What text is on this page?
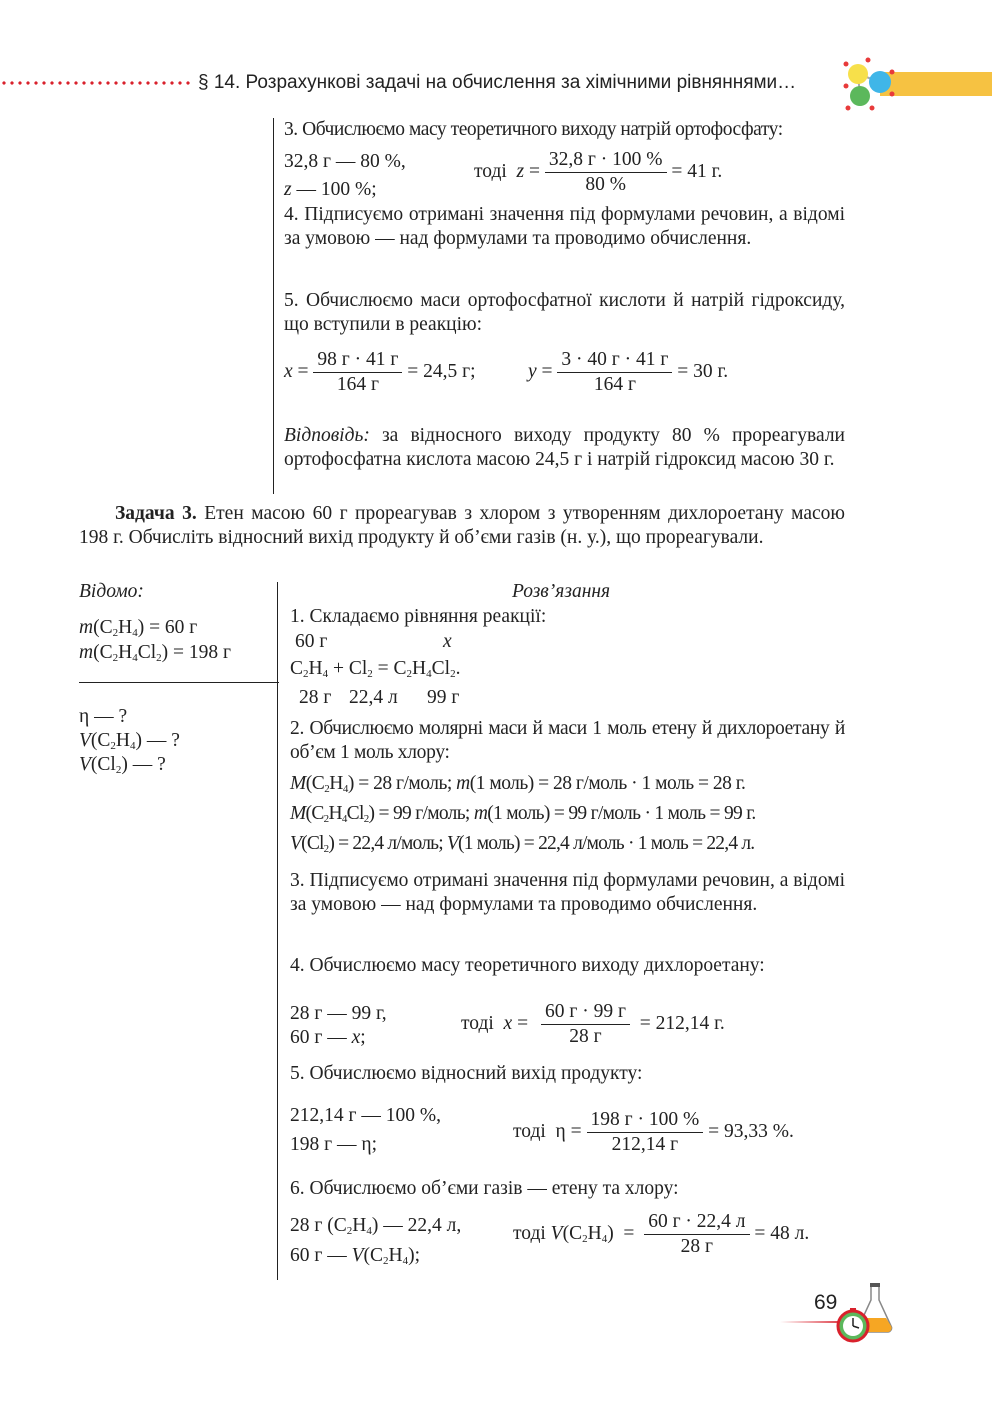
§ 14. Розрахункові задачі на обчислення за хімічними рівняннями…
3. Обчислюємо масу теоретичного виходу натрій ортофосфату:
32,8 г — 80 %,
z — 100 %;
тоді $z = \frac{32,8 г \cdot 100 \%}{80 \%} = 41$ г.
4. Підписуємо отримані значення під формулами речовин, а відомі за умовою — над формулами та проводимо обчислення.
5. Обчислюємо маси ортофосфатної кислоти й натрій гідроксиду, що вступили в реакцію:
$x = \frac{98 г \cdot 41 г}{164 г} = 24,5$ г;	$y = \frac{3 \cdot 40 г \cdot 41 г}{164 г} = 30$ г.
Відповідь: за відносного виходу продукту 80 % прореагували ортофосфатна кислота масою 24,5 г і натрій гідроксид масою 30 г.
Задача 3. Етен масою 60 г прореагував з хлором з утворенням дихлороетану масою 198 г. Обчисліть відносний вихід продукту й об’єми газів (н. у.), що прореагували.
Відомо:
$m(C_2H_4) = 60$ г
$m(C_2H_4Cl_2) = 198$ г
η — ?
$V(C_2H_4)$ — ?
$V(Cl_2)$ — ?
Розв’язання
1. Складаємо рівняння реакції:
60 г	x
$C_2H_4 + Cl_2 = C_2H_4Cl_2$.
28 г 22,4 л 99 г
2. Обчислюємо молярні маси й маси 1 моль етену й дихлороетану й об’єм 1 моль хлору:
$M(C_2H_4) = 28$ г/моль; m(1 моль) = 28 г/моль · 1 моль = 28 г.
$M(C_2H_4Cl_2) = 99$ г/моль; m(1 моль) = 99 г/моль · 1 моль = 99 г.
$V(Cl_2) = 22,4$ л/моль; V(1 моль) = 22,4 л/моль · 1 моль = 22,4 л.
3. Підписуємо отримані значення під формулами речовин, а відомі за умовою — над формулами та проводимо обчислення.
4. Обчислюємо масу теоретичного виходу дихлороетану:
28 г — 99 г,
60 г — x;
тоді $x = \frac{60 г \cdot 99 г}{28 г} = 212,14$ г.
5. Обчислюємо відносний вихід продукту:
212,14 г — 100 %,
198 г — η;
тоді  $\eta = \frac{198 г \cdot 100 \%}{212,14 г} = 93,33$ %.
6. Обчислюємо об’єми газів — етену та хлору:
28 г $(C_2H_4)$ — 22,4 л,
60 г — $V(C_2H_4)$;
тоді $V(C_2H_4) = \frac{60 г \cdot 22,4 л}{28 г} = 48$ л.
69
